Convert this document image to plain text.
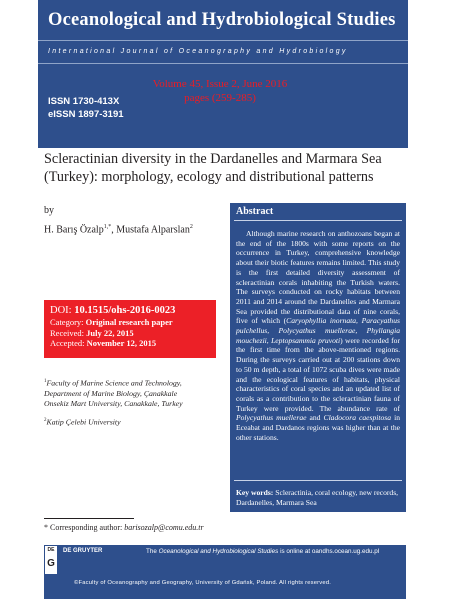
Oceanological and Hydrobiological Studies
International Journal of Oceanography and Hydrobiology
ISSN 1730-413X
eISSN 1897-3191
Volume 45, Issue 2, June 2016
pages (259-285)
Scleractinian diversity in the Dardanelles and Marmara Sea (Turkey): morphology, ecology and distributional patterns
by
H. Barış Özalp$^{1,*}$, Mustafa Alparslan$^2$
DOI: 10.1515/ohs-2016-0023
Category: Original research paper
Received: July 22, 2015
Accepted: November 12, 2015
$^1$Faculty of Marine Science and Technology,
Department of Marine Biology, Çanakkale
Onsekiz Mart University, Canakkale, Turkey
$^2$Katip Çelebi University
Abstract
Although marine research on anthozoans began at the end of the 1800s with some reports on the occurrence in Turkey, comprehensive knowledge about their biotic features remains limited. This study is the first detailed diversity assessment of scleractinian corals inhabiting the Turkish waters. The surveys conducted on rocky habitats between 2011 and 2014 around the Dardanelles and Marmara Sea provided the distributional data of nine corals, five of which (Caryophyllia inornata, Paracyathus pulchellus, Polycyathus muellerae, Phyllangia mouchezii, Leptopsammia pruvoti) were recorded for the first time from the above-mentioned regions. During the surveys carried out at 200 stations down to 50 m depth, a total of 1072 scuba dives were made and the ecological features of habitats, physical characteristics of coral species and an updated list of corals as a contribution to the scleractinian fauna of Turkey were provided. The abundance rate of Polycyathus muellerae and Cladocora caespitosa in Eceabat and Dardanos regions was higher than at the other stations.
Key words: Scleractinia, coral ecology, new records, Dardanelles, Marmara Sea
* Corresponding author: barisozalp@comu.edu.tr
DE
G
DE GRUYTER	The Oceanological and Hydrobiological Studies is online at oandhs.ocean.ug.edu.pl
©Faculty of Oceanography and Geography, University of Gdańsk, Poland. All rights reserved.
